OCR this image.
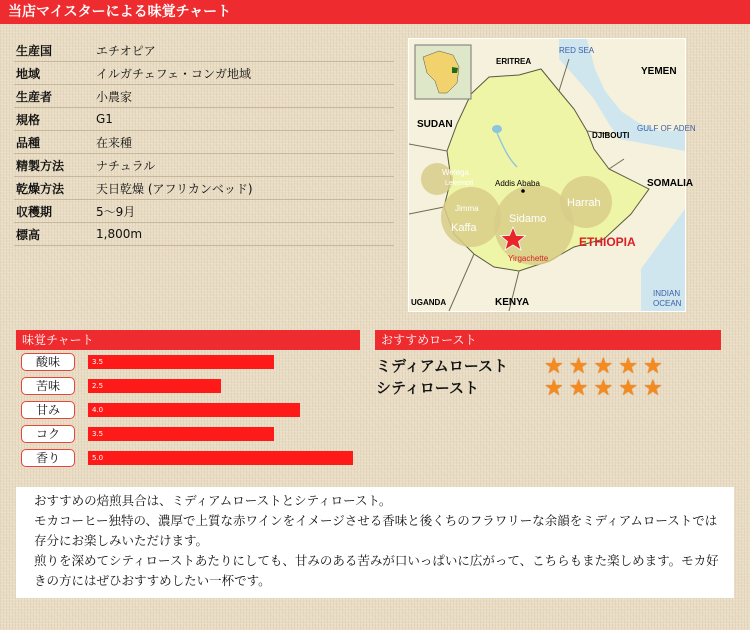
当店マイスターによる味覚チャート
生産国	エチオピア
地域	イルガチェフェ・コンガ地域
生産者	小農家
規格	G1
品種	在来種
精製方法	ナチュラル
乾燥方法	天日乾燥 (アフリカンベッド)
収穫期	5～9月
標高	1,800m
ERITREA
RED SEA
YEMEN
SUDAN
DJIBOUTI
GULF OF ADEN
SOMALIA
Welega
Lekempti	Addis Ababa
Harrah
Jimma
Kaffa
Sidamo
ETHIOPIA
Yirgachette
UGANDA	KENYA
INDIAN
OCEAN
味覚チャート
酸味	3.5
苦味	2.5
甘み	4.0
コク	3.5
香り	5.0
おすすめロースト
ミディアムロースト ★ ★ ★ ★ ★
シティロースト	★ ★ ★ ★ ★

おすすめの焙煎具合は、ミディアムローストとシティロースト。

モカコーヒー独特の、濃厚で上質な赤ワインをイメージさせる香味と後くちのフラワリーな余韻をミディアムローストでは存分にお楽しみいただけます。

煎りを深めてシティローストあたりにしても、甘みのある苦みが口いっぱいに広がって、こちらもまた楽しめます。モカ好きの方にはぜひおすすめしたい一杯です。
